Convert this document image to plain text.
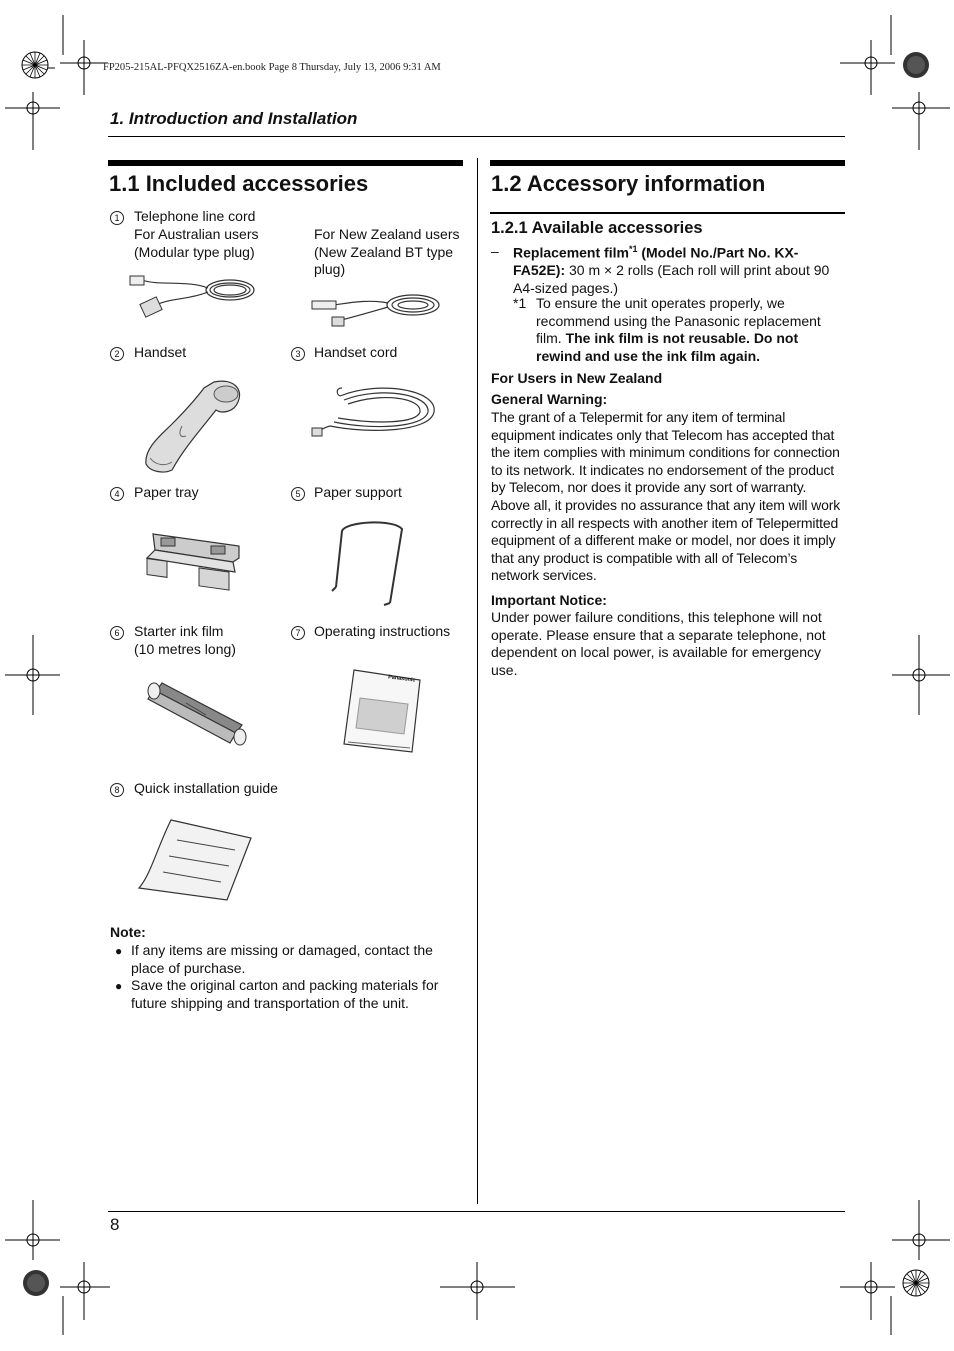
FP205-215AL-PFQX2516ZA-en.book Page 8 Thursday, July 13, 2006 9:31 AM
1. Introduction and Installation
8
1.1 Included accessories
1	Telephone line cord
For Australian users (Modular type plug)
For New Zealand users (New Zealand BT type plug)
2	Handset	3 Handset cord
4	Paper tray	5 Paper support
6	Starter ink film
(10 metres long)
7 Operating instructions
Panasonic
8	Quick installation guide
Note:
● If any items are missing or damaged, contact the place of purchase.
● Save the original carton and packing materials for future shipping and transportation of the unit.
1.2 Accessory information
1.2.1 Available accessories
– Replacement film$^{*1}$ (Model No./Part No. KX-FA52E): 30 m × 2 rolls (Each roll will print about 90 A4-sized pages.)
*1 To ensure the unit operates properly, we recommend using the Panasonic replacement film. The ink film is not reusable. Do not rewind and use the ink film again.
For Users in New Zealand
General Warning:
The grant of a Telepermit for any item of terminal equipment indicates only that Telecom has accepted that the item complies with minimum conditions for connection to its network. It indicates no endorsement of the product by Telecom, nor does it provide any sort of warranty. Above all, it provides no assurance that any item will work correctly in all respects with another item of Telepermitted equipment of a different make or model, nor does it imply that any product is compatible with all of Telecom’s network services.
Important Notice:
Under power failure conditions, this telephone will not operate. Please ensure that a separate telephone, not dependent on local power, is available for emergency use.
